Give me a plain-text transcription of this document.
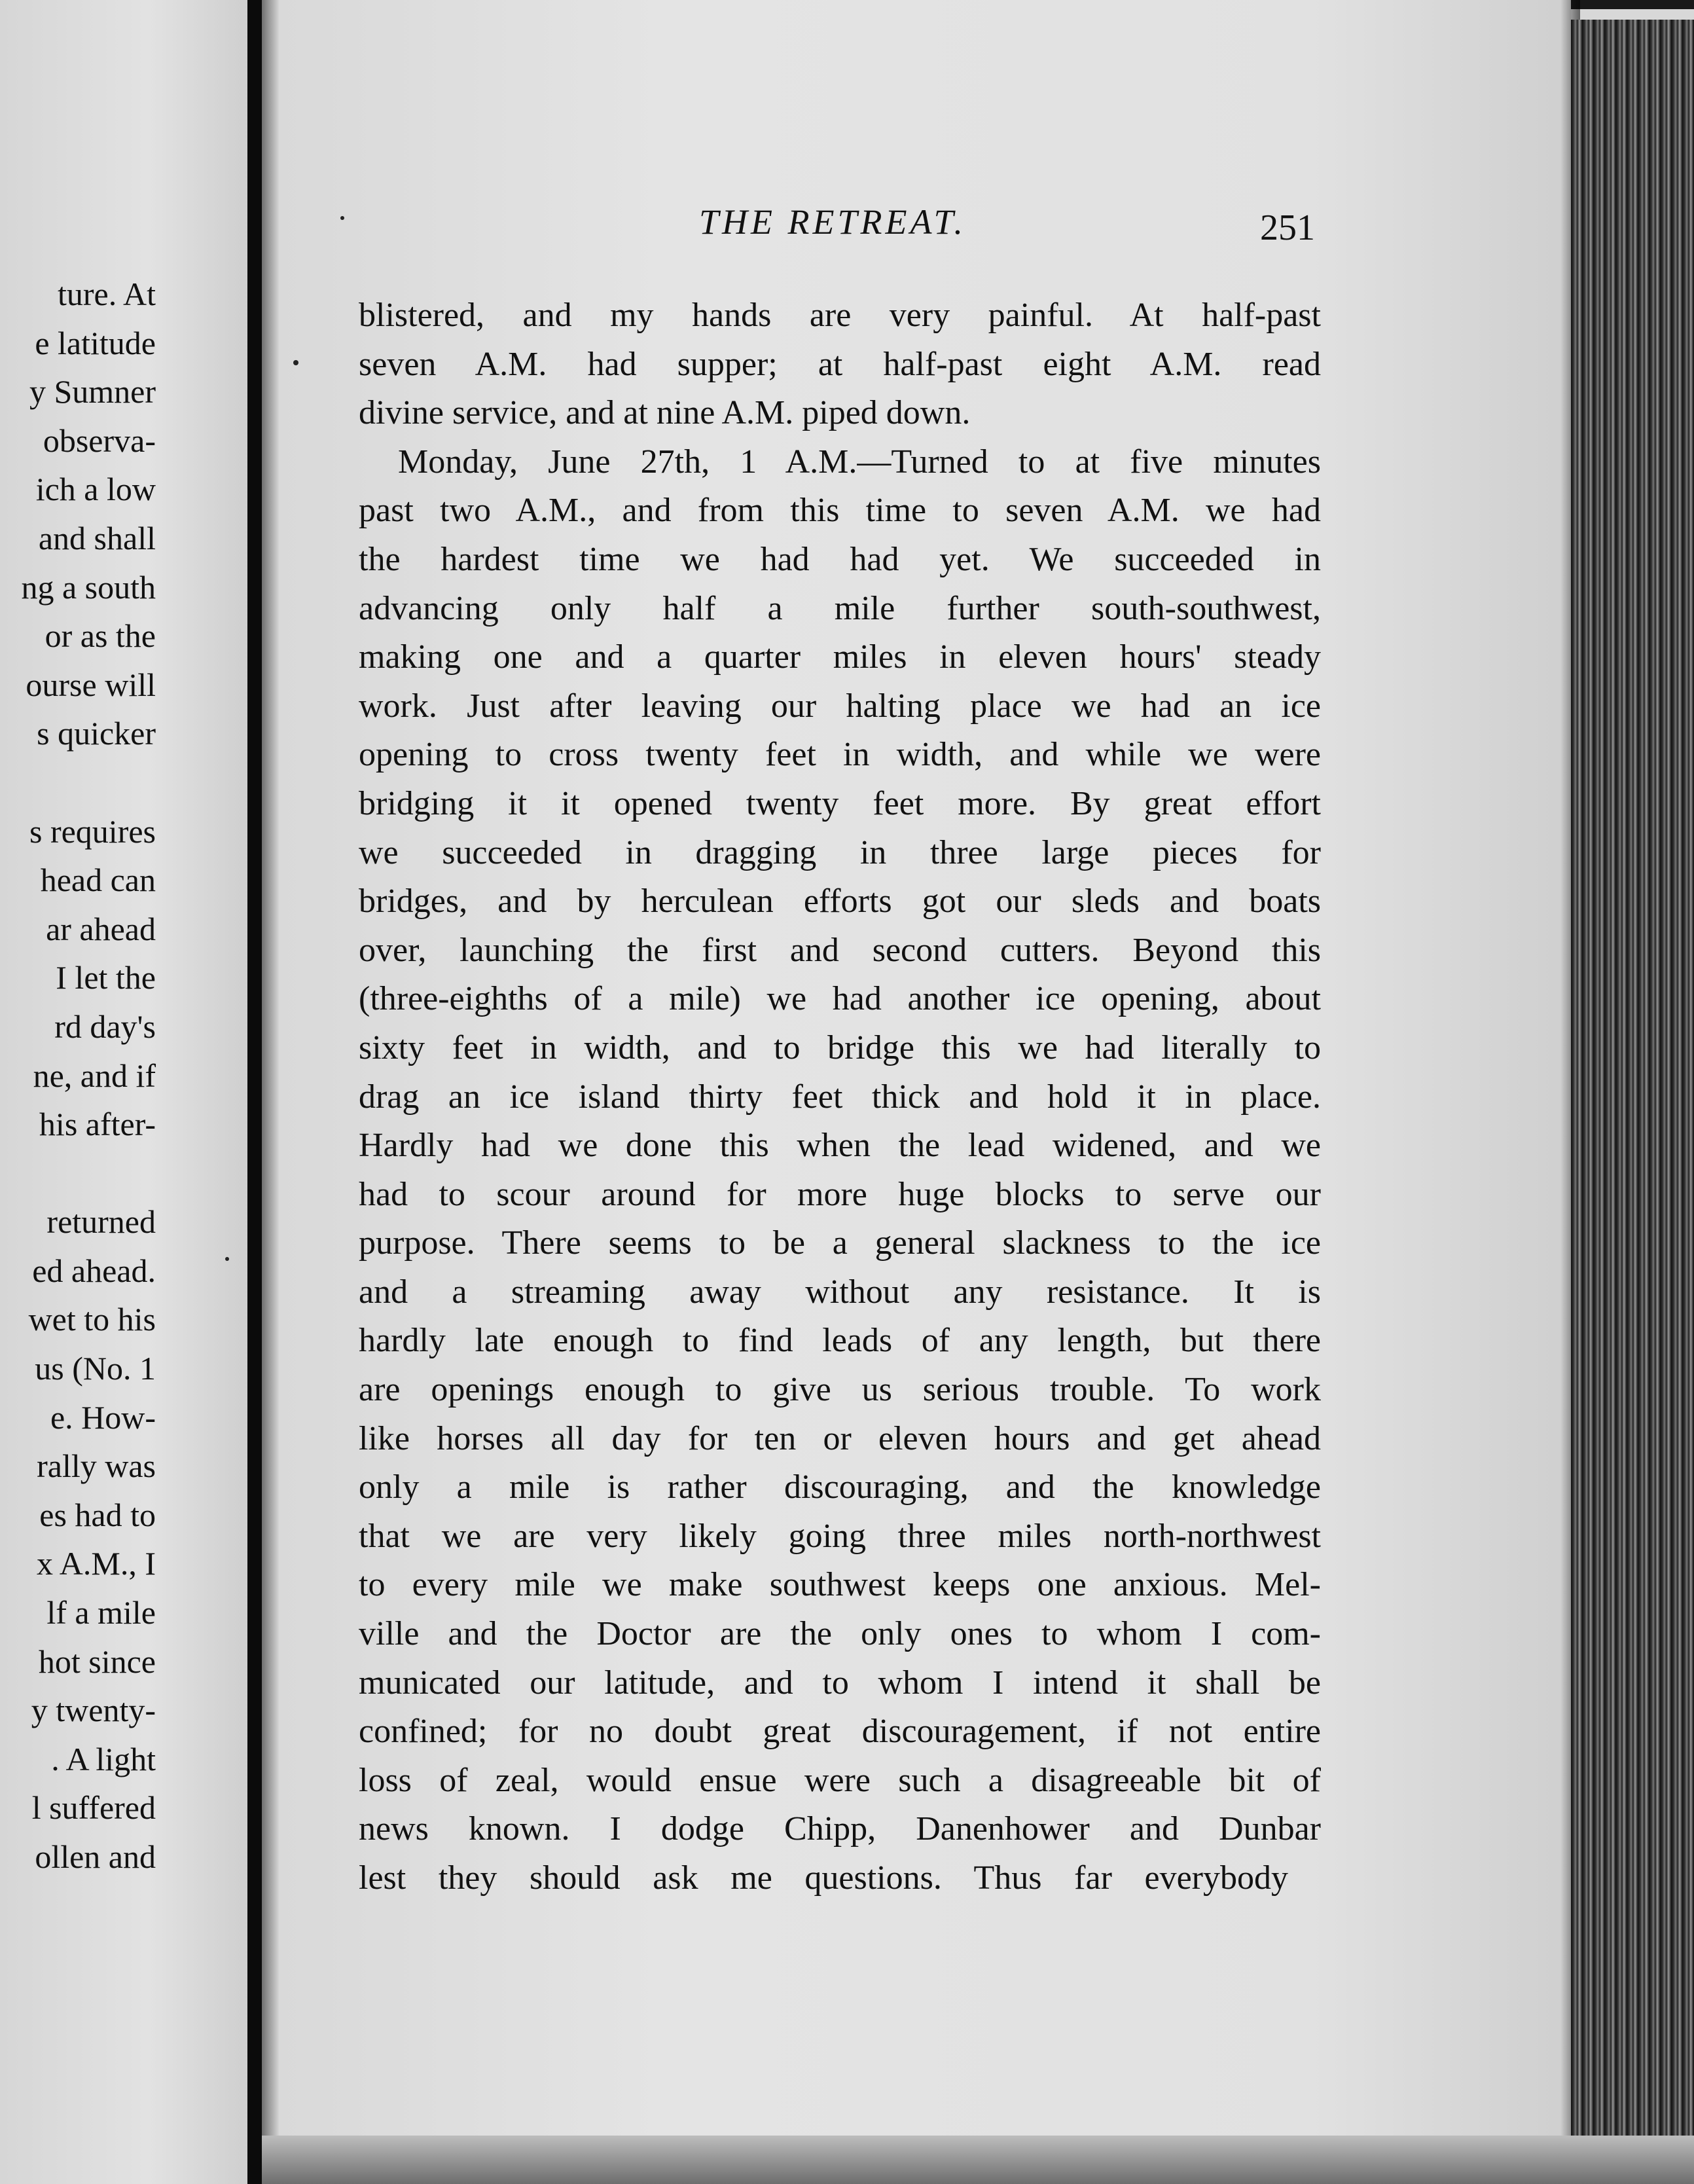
ture. At
e latitude
y Sumner
observa-
ich a low
and shall
ng a south
or as the
ourse will
s quicker
s requires
head can
ar ahead
I let the
rd day's
ne, and if
his after-
returned
ed ahead.
wet to his
us (No. 1
e. How-
rally was
es had to
x A.M., I
lf a mile
hot since
y twenty-
. A light
l suffered
ollen and
THE RETREAT.	251
blistered, and my hands are very painful. At half-past
seven A.M. had supper; at half-past eight A.M. read
divine service, and at nine A.M. piped down.
Monday, June 27th, 1 A.M.—Turned to at five minutes
past two A.M., and from this time to seven A.M. we had
the hardest time we had had yet. We succeeded in
advancing only half a mile further south-southwest,
making one and a quarter miles in eleven hours' steady
work. Just after leaving our halting place we had an ice
opening to cross twenty feet in width, and while we were
bridging it it opened twenty feet more. By great effort
we succeeded in dragging in three large pieces for
bridges, and by herculean efforts got our sleds and boats
over, launching the first and second cutters. Beyond this
(three-eighths of a mile) we had another ice opening, about
sixty feet in width, and to bridge this we had literally to
drag an ice island thirty feet thick and hold it in place.
Hardly had we done this when the lead widened, and we
had to scour around for more huge blocks to serve our
purpose. There seems to be a general slackness to the ice
and a streaming away without any resistance. It is
hardly late enough to find leads of any length, but there
are openings enough to give us serious trouble. To work
like horses all day for ten or eleven hours and get ahead
only a mile is rather discouraging, and the knowledge
that we are very likely going three miles north-northwest
to every mile we make southwest keeps one anxious. Mel-
ville and the Doctor are the only ones to whom I com-
municated our latitude, and to whom I intend it shall be
confined; for no doubt great discouragement, if not entire
loss of zeal, would ensue were such a disagreeable bit of
news known. I dodge Chipp, Danenhower and Dunbar
lest they should ask me questions. Thus far everybody
